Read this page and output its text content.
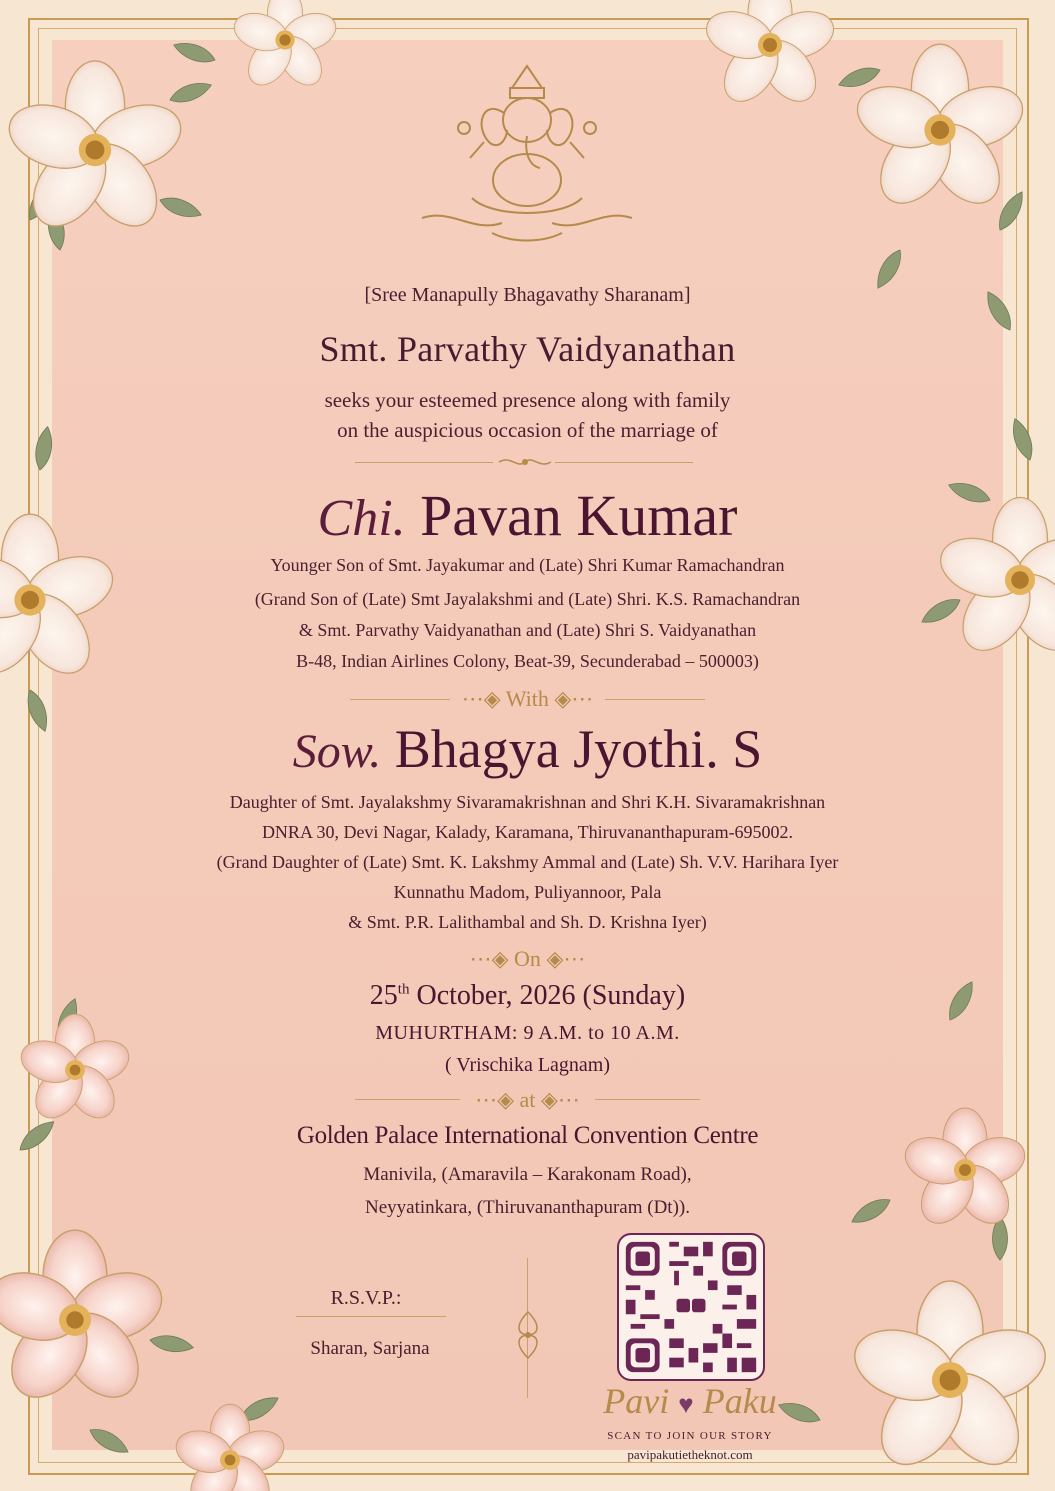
[Sree Manapully Bhagavathy Sharanam]
Smt. Parvathy Vaidyanathan
seeks your esteemed presence along with family
on the auspicious occasion of the marriage of
Chi. Pavan Kumar
Younger Son of Smt. Jayakumar and (Late) Shri Kumar Ramachandran
(Grand Son of (Late) Smt Jayalakshmi and (Late) Shri. K.S. Ramachandran
& Smt. Parvathy Vaidyanathan and (Late) Shri S. Vaidyanathan
B-48, Indian Airlines Colony, Beat-39, Secunderabad – 500003)
⋯◈ With ◈⋯
Sow. Bhagya Jyothi. S
Daughter of Smt. Jayalakshmy Sivaramakrishnan and Shri K.H. Sivaramakrishnan
DNRA 30, Devi Nagar, Kalady, Karamana, Thiruvananthapuram-695002.
(Grand Daughter of (Late) Smt. K. Lakshmy Ammal and (Late) Sh. V.V. Harihara Iyer
Kunnathu Madom, Puliyannoor, Pala
& Smt. P.R. Lalithambal and Sh. D. Krishna Iyer)
⋯◈ On ◈⋯
25th October, 2026 (Sunday)
MUHURTHAM: 9 A.M. to 10 A.M.
( Vrischika Lagnam)
⋯◈ at ◈⋯
Golden Palace International Convention Centre
Manivila, (Amaravila – Karakonam Road),
Neyyatinkara, (Thiruvananthapuram (Dt)).
R.S.V.P.:
Sharan, Sarjana
Pavi ♥ Paku
SCAN TO JOIN OUR STORY
pavipakutietheknot.com
